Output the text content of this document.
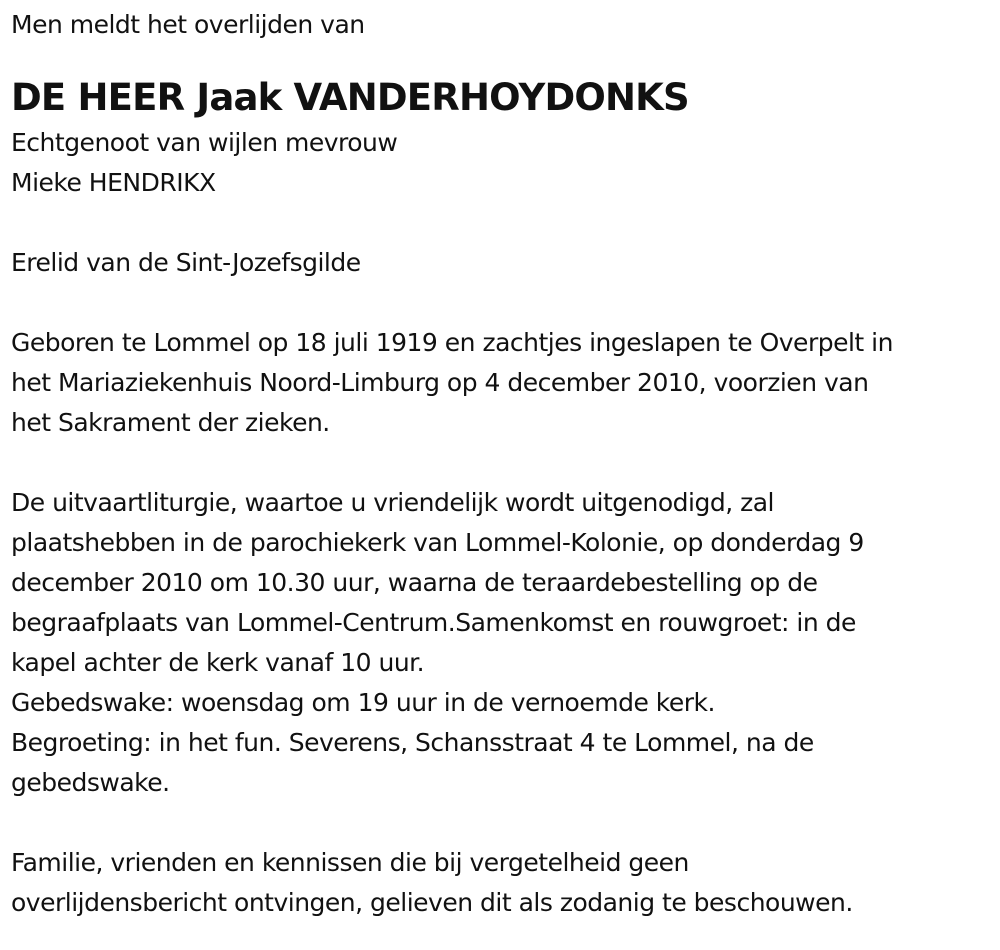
Men meldt het overlijden van
DE HEER Jaak VANDERHOYDONKS
Echtgenoot van wijlen mevrouw
Mieke HENDRIKX
Erelid van de Sint-Jozefsgilde
Geboren te Lommel op 18 juli 1919 en zachtjes ingeslapen te Overpelt in
het Mariaziekenhuis Noord-Limburg op 4 december 2010, voorzien van
het Sakrament der zieken.
De uitvaartliturgie, waartoe u vriendelijk wordt uitgenodigd, zal
plaatshebben in de parochiekerk van Lommel-Kolonie, op donderdag 9
december 2010 om 10.30 uur, waarna de teraardebestelling op de
begraafplaats van Lommel-Centrum.Samenkomst en rouwgroet: in de
kapel achter de kerk vanaf 10 uur.
Gebedswake: woensdag om 19 uur in de vernoemde kerk.
Begroeting: in het fun. Severens, Schansstraat 4 te Lommel, na de
gebedswake.
Familie, vrienden en kennissen die bij vergetelheid geen
overlijdensbericht ontvingen, gelieven dit als zodanig te beschouwen.
